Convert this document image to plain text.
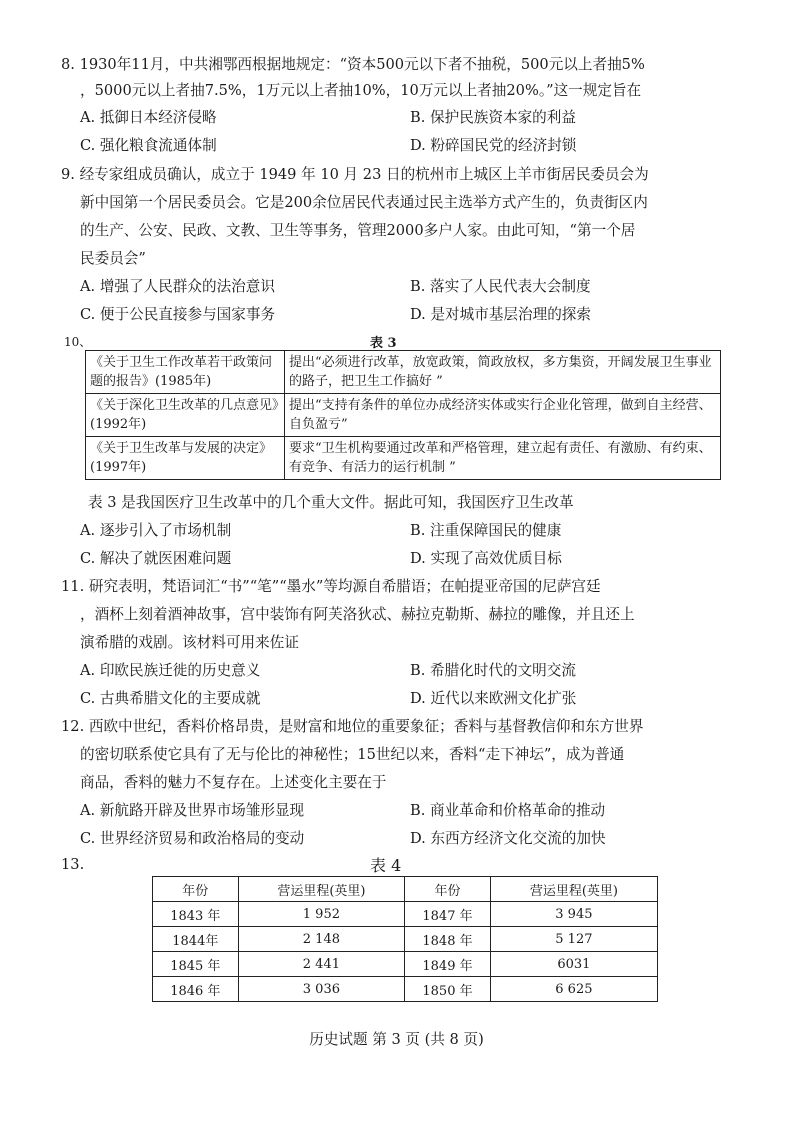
8. 1930年11月，中共湘鄂西根据地规定：“资本500元以下者不抽税，500元以上者抽5%
，5000元以上者抽7.5%，1万元以上者抽10%，10万元以上者抽20%。”这一规定旨在
A. 抵御日本经济侵略	B. 保护民族资本家的利益
C. 强化粮食流通体制	D. 粉碎国民党的经济封锁
9. 经专家组成员确认，成立于 1949 年 10 月 23 日的杭州市上城区上羊市街居民委员会为
新中国第一个居民委员会。它是200余位居民代表通过民主选举方式产生的，负责街区内
的生产、公安、民政、文教、卫生等事务，管理2000多户人家。由此可知，“第一个居
民委员会”
A. 增强了人民群众的法治意识	B. 落实了人民代表大会制度
C. 便于公民直接参与国家事务	D. 是对城市基层治理的探索
10、	表 3
《关于卫生工作改革若干政策问题的报告》(1985年)	提出“必须进行改革，放宽政策，简政放权，多方集资，开阔发展卫生事业的路子，把卫生工作搞好 ”
《关于深化卫生改革的几点意见》(1992年)	提出“支持有条件的单位办成经济实体或实行企业化管理，做到自主经营、自负盈亏”
《关于卫生改革与发展的决定》(1997年)	要求“卫生机构要通过改革和严格管理，建立起有责任、有激励、有约束、有竞争、有活力的运行机制 ”
表 3 是我国医疗卫生改革中的几个重大文件。据此可知，我国医疗卫生改革
A. 逐步引入了市场机制	B. 注重保障国民的健康
C. 解决了就医困难问题	D. 实现了高效优质目标
11. 研究表明，梵语词汇“书”“笔”“墨水”等均源自希腊语；在帕提亚帝国的尼萨宫廷
，酒杯上刻着酒神故事，宫中装饰有阿芙洛狄忒、赫拉克勒斯、赫拉的雕像，并且还上
演希腊的戏剧。该材料可用来佐证
A. 印欧民族迁徙的历史意义	B. 希腊化时代的文明交流
C. 古典希腊文化的主要成就	D. 近代以来欧洲文化扩张
12. 西欧中世纪，香料价格昂贵，是财富和地位的重要象征；香料与基督教信仰和东方世界
的密切联系使它具有了无与伦比的神秘性；15世纪以来，香料“走下神坛”，成为普通
商品，香料的魅力不复存在。上述变化主要在于
A. 新航路开辟及世界市场雏形显现	B. 商业革命和价格革命的推动
C. 世界经济贸易和政治格局的变动	D. 东西方经济文化交流的加快
13.	表 4
年份	营运里程(英里)	年份	营运里程(英里)
1843 年	1 952	1847 年	3 945
1844年	2 148	1848 年	5 127
1845 年	2 441	1849 年	6031
1846 年	3 036	1850 年	6 625
历史试题 第 3 页 (共 8 页)
